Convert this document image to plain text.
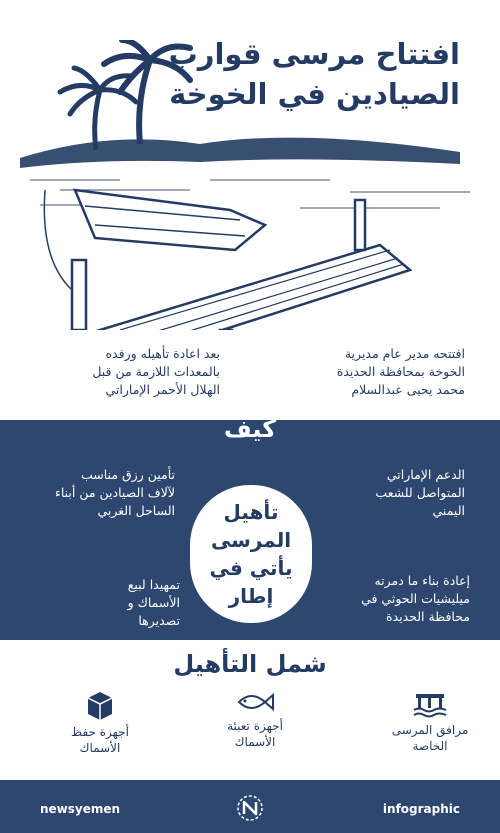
افتتاح مرسى قوارب
الصيادين في الخوخة
بعد اعادة تأهيله ورفده
بالمعدات اللازمة من قبل
الهلال الأحمر الإماراتي
افتتحه مدير عام مديرية
الخوخة بمحافظة الحديدة
محمد يحيى عبدالسلام
كيف
تأهيل
المرسى
يأتي في
إطار
تأمين رزق مناسب
لآلاف الصيادين من أبناء
الساحل الغربي
تمهيدا لبيع
الأسماك و
تصديرها
الدعم الإماراتي
المتواصل للشعب
اليمني
إعادة بناء ما دمرته
ميليشيات الحوثي في
محافظة الحديدة
شمل التأهيل
مرافق المرسى
الخاصة
أجهزة تعبئة
الأسماك
أجهزة حفظ
الأسماك
newsyemen	infographic
